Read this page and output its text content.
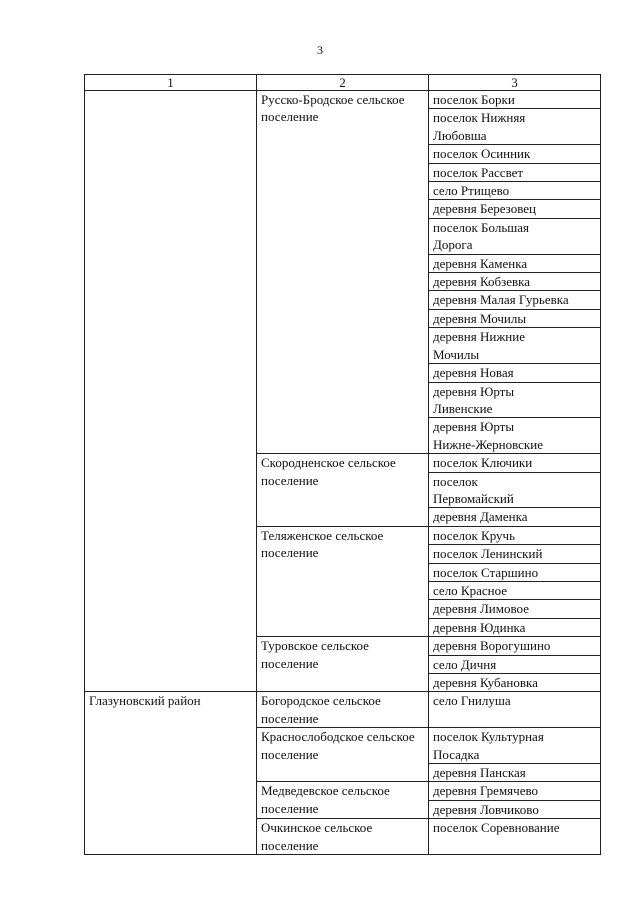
3
1	2	3
	Русско-Бродское сельское поселение	поселок Борки
		поселок Нижняя
Любовша
		поселок Осинник
		поселок Рассвет
		село Ртищево
		деревня Березовец
		поселок Большая
Дорога
		деревня Каменка
		деревня Кобзевка
		деревня Малая Гурьевка
		деревня Мочилы
		деревня Нижние
Мочилы
		деревня Новая
		деревня Юрты
Ливенские
		деревня Юрты
Нижне-Жерновские
	Скородненское сельское поселение	поселок Ключики
		поселок
Первомайский
		деревня Даменка
	Теляженское сельское поселение	поселок Кручь
		поселок Ленинский
		поселок Старшино
		село Красное
		деревня Лимовое
		деревня Юдинка
	Туровское сельское поселение	деревня Ворогушино
		село Дичня
		деревня Кубановка
Глазуновский район	Богородское сельское поселение	село Гнилуша
	Краснослободское сельское поселение	поселок Культурная
Посадка
		деревня Панская
	Медведевское сельское поселение	деревня Гремячево
		деревня Ловчиково
	Очкинское сельское поселение	поселок Соревнование
